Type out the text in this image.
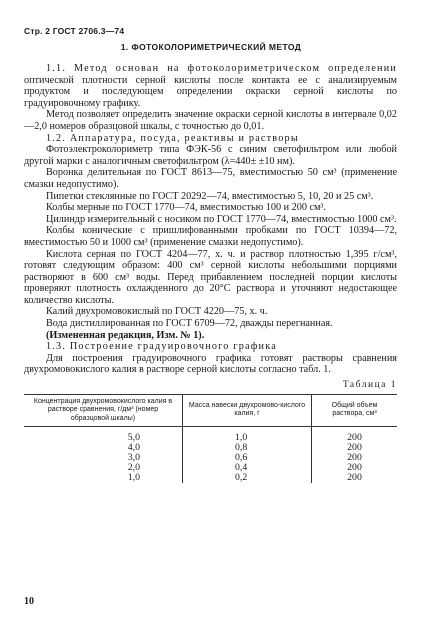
Стр. 2 ГОСТ 2706.3—74
1. ФОТОКОЛОРИМЕТРИЧЕСКИЙ МЕТОД

1.1. Метод основан на фотоколориметрическом определении оптической плотности серной кислоты после контакта ее с анализируемым продуктом и последующем определении окраски серной кислоты по градуировочному графику.

Метод позволяет определить значение окраски серной кислоты в интервале 0,02—2,0 номеров образцовой шкалы, с точностью до 0,01.

1.2. Аппаратура, посуда, реактивы и растворы

Фотоэлектроколориметр типа ФЭК-56 с синим светофильтром или любой другой марки с аналогичным светофильтром (λ=440± ±10 нм).

Воронка делительная по ГОСТ 8613—75, вместимостью 50 см³ (применение смазки недопустимо).

Пипетки стеклянные по ГОСТ 20292—74, вместимостью 5, 10, 20 и 25 см³.

Колбы мерные по ГОСТ 1770—74, вместимостью 100 и 200 см³.

Цилиндр измерительный с носиком по ГОСТ 1770—74, вместимостью 1000 см³.

Колбы конические с пришлифованными пробками по ГОСТ 10394—72, вместимостью 50 и 1000 см³ (применение смазки недопустимо).

Кислота серная по ГОСТ 4204—77, х. ч. и раствор плотностью 1,395 г/см³, готовят следующим образом: 400 см³ серной кислоты небольшими порциями растворяют в 600 см³ воды. Перед прибавлением последней порции кислоты проверяют плотность охлажденного до 20°С раствора и уточняют недостающее количество кислоты.

Калий двухромовокислый по ГОСТ 4220—75, х. ч.

Вода дистиллированная по ГОСТ 6709—72, дважды перегнанная.

(Измененная редакция, Изм. № 1).

1.3. Построение градуировочного графика

Для построения градуировочного графика готовят растворы сравнения двухромовокислого калия в растворе серной кислоты согласно табл. 1.

Таблица 1
Концентрация двухромовокислого калия в растворе сравнения, г/дм³ (номер образцовой шкалы)	Масса навески двухромово-кислого калия, г	Общий объем раствора, см³
5,0	1,0	200
4,0	0,8	200
3,0	0,6	200
2,0	0,4	200
1,0	0,2	200
10
